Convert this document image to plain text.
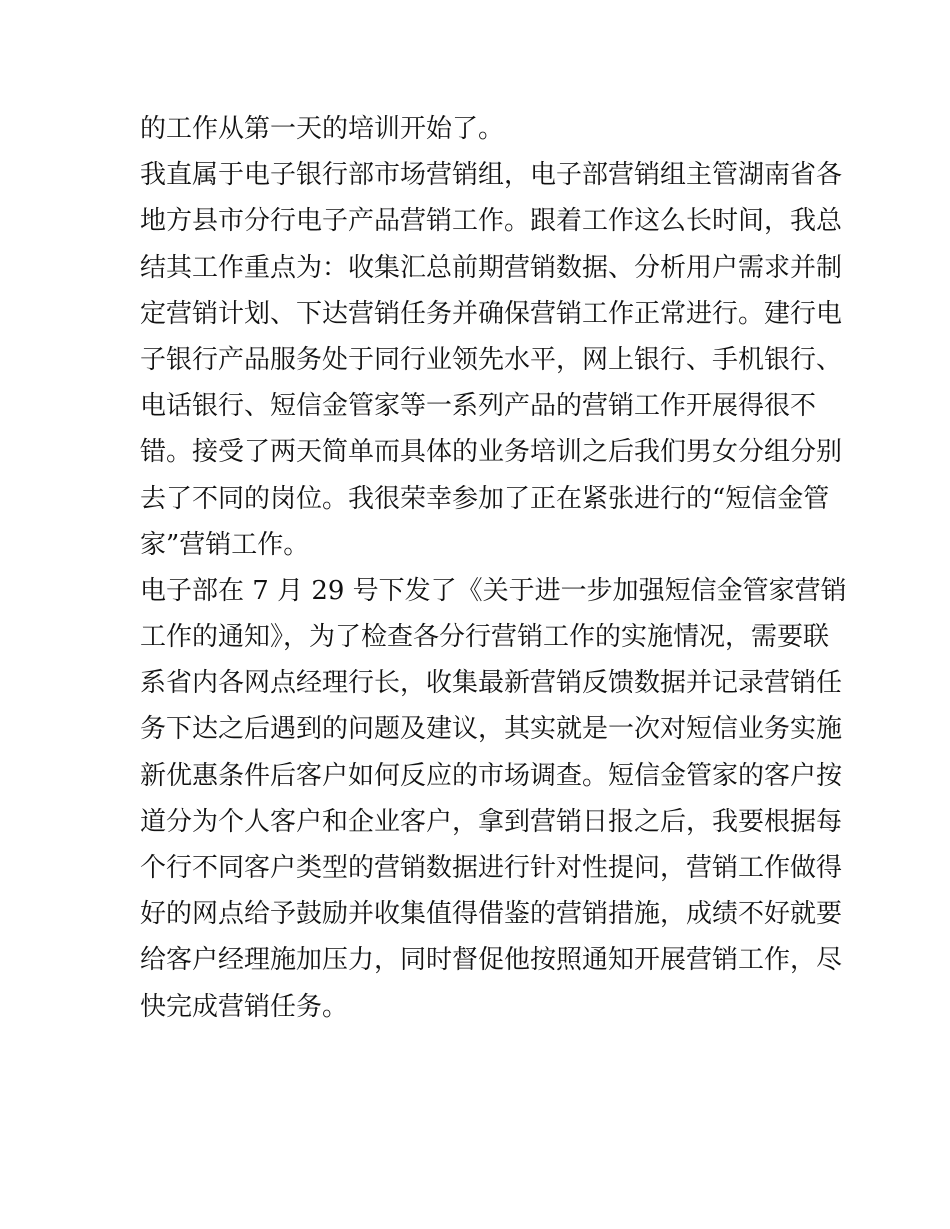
的工作从第一天的培训开始了。

我直属于电子银行部市场营销组，电子部营销组主管湖南省各
地方县市分行电子产品营销工作。跟着工作这么长时间，我总
结其工作重点为：收集汇总前期营销数据、分析用户需求并制
定营销计划、下达营销任务并确保营销工作正常进行。建行电
子银行产品服务处于同行业领先水平，网上银行、手机银行、
电话银行、短信金管家等一系列产品的营销工作开展得很不
错。接受了两天简单而具体的业务培训之后我们男女分组分别
去了不同的岗位。我很荣幸参加了正在紧张进行的“短信金管
家”营销工作。

电子部在 7 月 29 号下发了《关于进一步加强短信金管家营销
工作的通知》，为了检查各分行营销工作的实施情况，需要联
系省内各网点经理行长，收集最新营销反馈数据并记录营销任
务下达之后遇到的问题及建议，其实就是一次对短信业务实施
新优惠条件后客户如何反应的市场调查。短信金管家的客户按
道分为个人客户和企业客户，拿到营销日报之后，我要根据每
个行不同客户类型的营销数据进行针对性提问，营销工作做得
好的网点给予鼓励并收集值得借鉴的营销措施，成绩不好就要
给客户经理施加压力，同时督促他按照通知开展营销工作，尽
快完成营销任务。
